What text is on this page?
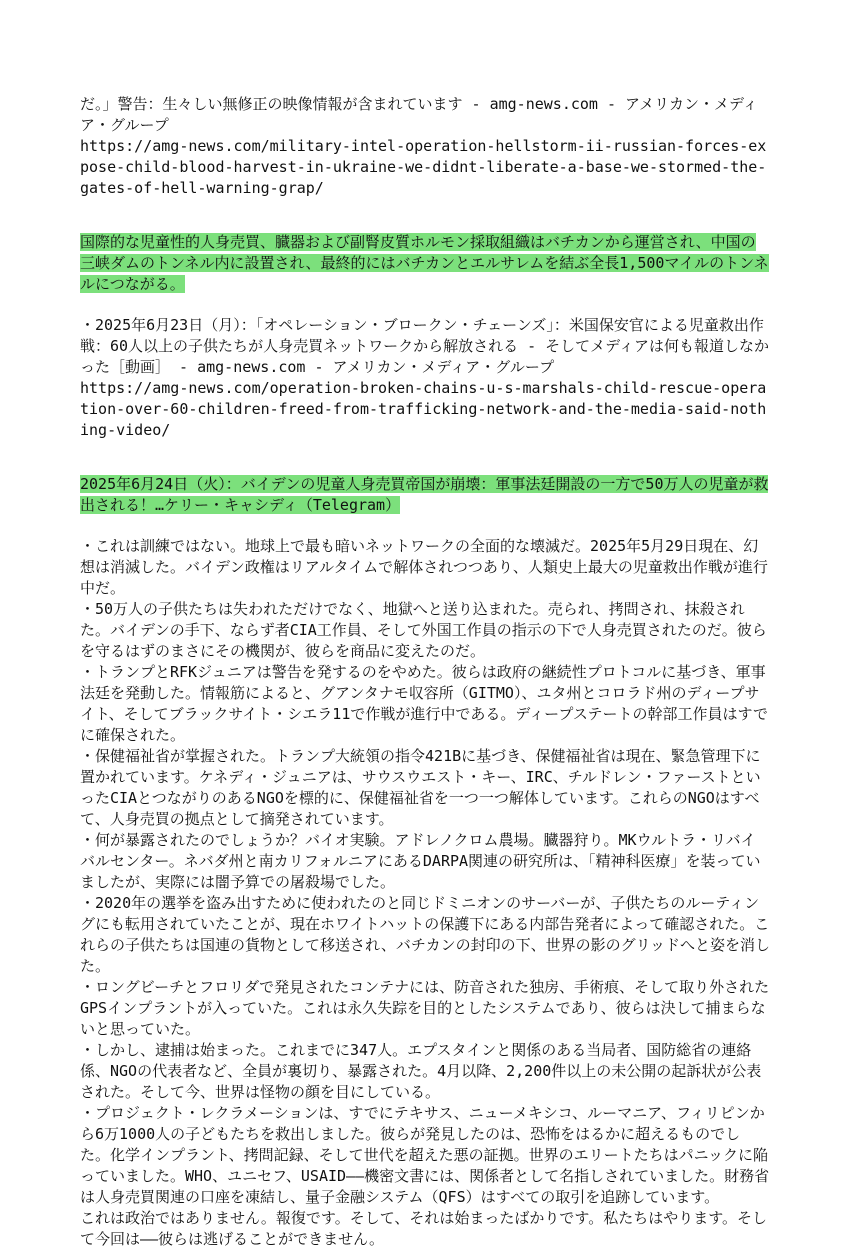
だ。」警告：生々しい無修正の映像情報が含まれています - amg-news.com - アメリカン・メディア・グループ
https://amg-news.com/military-intel-operation-hellstorm-ii-russian-forces-expose-child-blood-harvest-in-ukraine-we-didnt-liberate-a-base-we-stormed-the-gates-of-hell-warning-grap/

国際的な児童性的人身売買、臓器および副腎皮質ホルモン採取組織はバチカンから運営され、中国の三峡ダムのトンネル内に設置され、最終的にはバチカンとエルサレムを結ぶ全長1,500マイルのトンネルにつながる。

・2025年6月23日（月）：「オペレーション・ブロークン・チェーンズ」：米国保安官による児童救出作戦：60人以上の子供たちが人身売買ネットワークから解放される - そしてメディアは何も報道しなかった［動画］ - amg-news.com - アメリカン・メディア・グループ
https://amg-news.com/operation-broken-chains-u-s-marshals-child-rescue-operation-over-60-children-freed-from-trafficking-network-and-the-media-said-nothing-video/

2025年6月24日（火）：バイデンの児童人身売買帝国が崩壊：軍事法廷開設の一方で50万人の児童が救出される！…ケリー・キャシディ（Telegram）

・これは訓練ではない。地球上で最も暗いネットワークの全面的な壊滅だ。2025年5月29日現在、幻想は消滅した。バイデン政権はリアルタイムで解体されつつあり、人類史上最大の児童救出作戦が進行中だ。
・50万人の子供たちは失われただけでなく、地獄へと送り込まれた。売られ、拷問され、抹殺された。バイデンの手下、ならず者CIA工作員、そして外国工作員の指示の下で人身売買されたのだ。彼らを守るはずのまさにその機関が、彼らを商品に変えたのだ。
・トランプとRFKジュニアは警告を発するのをやめた。彼らは政府の継続性プロトコルに基づき、軍事法廷を発動した。情報筋によると、グアンタナモ収容所（GITMO）、ユタ州とコロラド州のディープサイト、そしてブラックサイト・シエラ11で作戦が進行中である。ディープステートの幹部工作員はすでに確保された。
・保健福祉省が掌握された。トランプ大統領の指令421Bに基づき、保健福祉省は現在、緊急管理下に置かれています。ケネディ・ジュニアは、サウスウエスト・キー、IRC、チルドレン・ファーストといったCIAとつながりのあるNGOを標的に、保健福祉省を一つ一つ解体しています。これらのNGOはすべて、人身売買の拠点として摘発されています。
・何が暴露されたのでしょうか？バイオ実験。アドレノクロム農場。臓器狩り。MKウルトラ・リバイバルセンター。ネバダ州と南カリフォルニアにあるDARPA関連の研究所は、「精神科医療」を装っていましたが、実際には闇予算での屠殺場でした。
・2020年の選挙を盗み出すために使われたのと同じドミニオンのサーバーが、子供たちのルーティングにも転用されていたことが、現在ホワイトハットの保護下にある内部告発者によって確認された。これらの子供たちは国連の貨物として移送され、バチカンの封印の下、世界の影のグリッドへと姿を消した。
・ロングビーチとフロリダで発見されたコンテナには、防音された独房、手術痕、そして取り外されたGPSインプラントが入っていた。これは永久失踪を目的としたシステムであり、彼らは決して捕まらないと思っていた。
・しかし、逮捕は始まった。これまでに347人。エプスタインと関係のある当局者、国防総省の連絡係、NGOの代表者など、全員が裏切り、暴露された。4月以降、2,200件以上の未公開の起訴状が公表された。そして今、世界は怪物の顔を目にしている。
・プロジェクト・レクラメーションは、すでにテキサス、ニューメキシコ、ルーマニア、フィリピンから6万1000人の子どもたちを救出しました。彼らが発見したのは、恐怖をはるかに超えるものでした。化学インプラント、拷問記録、そして世代を超えた悪の証拠。世界のエリートたちはパニックに陥っていました。WHO、ユニセフ、USAID――機密文書には、関係者として名指しされていました。財務省は人身売買関連の口座を凍結し、量子金融システム（QFS）はすべての取引を追跡しています。
これは政治ではありません。報復です。そして、それは始まったばかりです。私たちはやります。そして今回は――彼らは逃げることができません。
